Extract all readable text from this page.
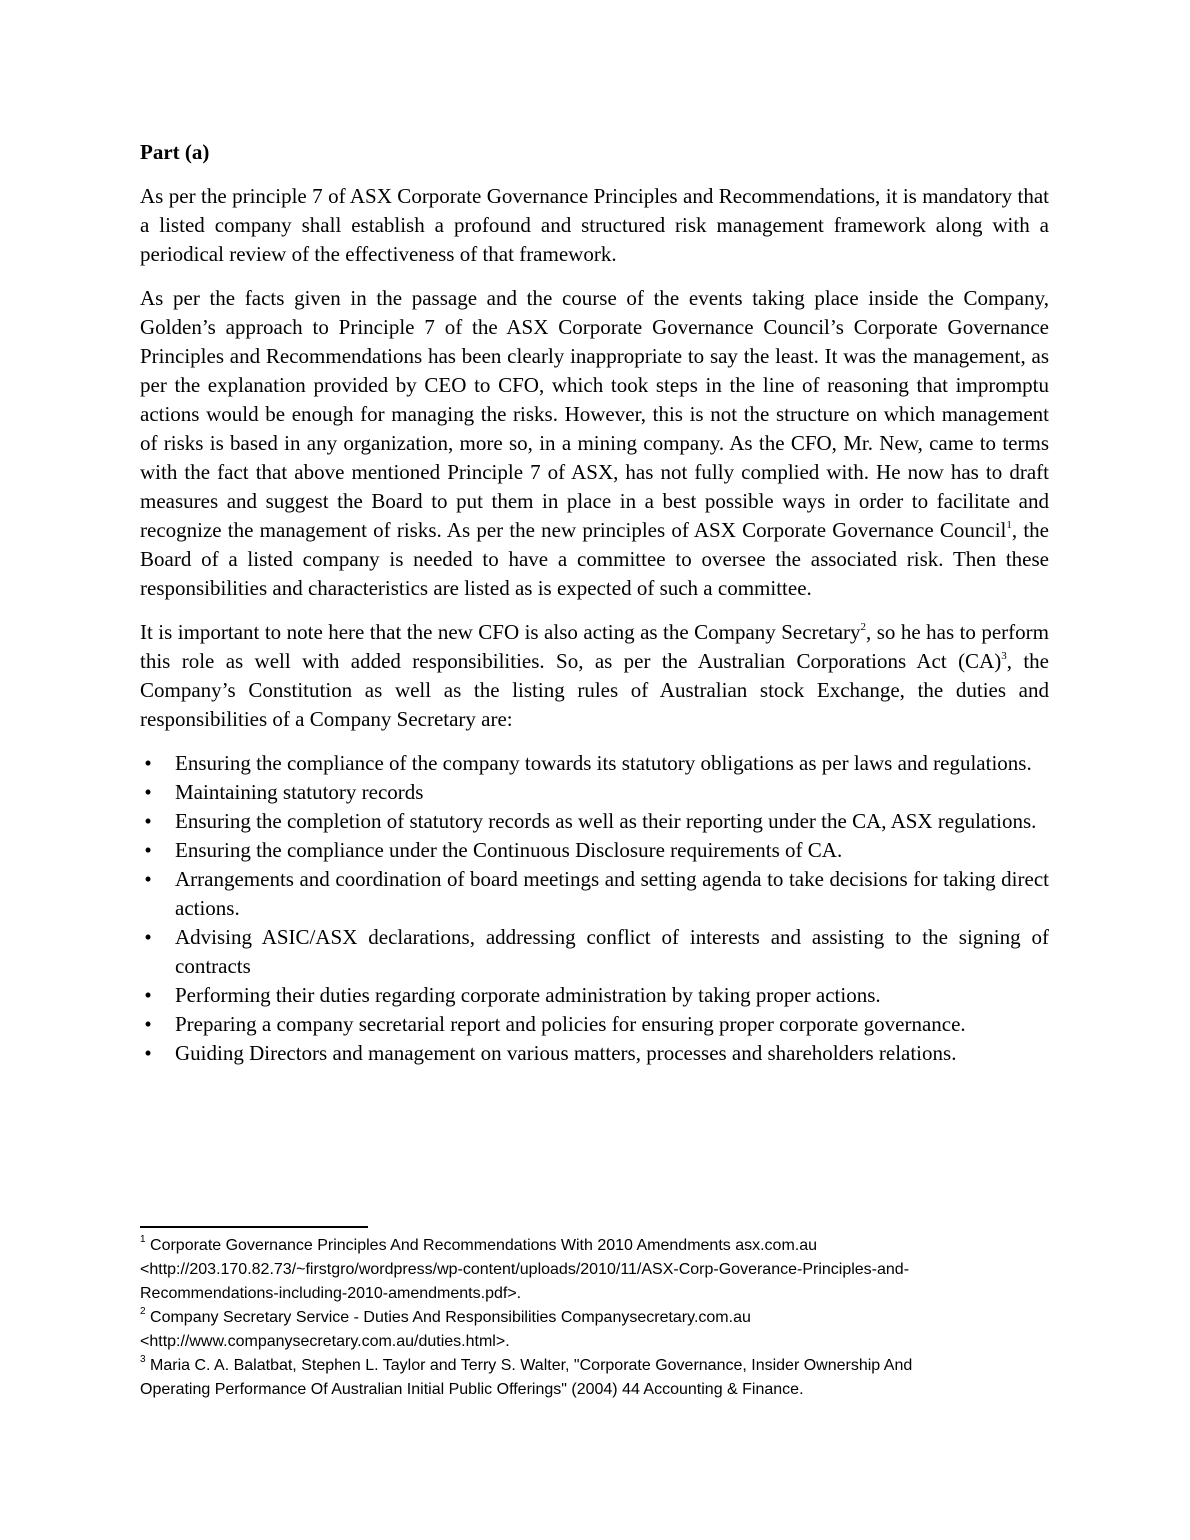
Part (a)

As per the principle 7 of ASX Corporate Governance Principles and Recommendations, it is mandatory that a listed company shall establish a profound and structured risk management framework along with a periodical review of the effectiveness of that framework.

As per the facts given in the passage and the course of the events taking place inside the Company, Golden’s approach to Principle 7 of the ASX Corporate Governance Council’s Corporate Governance Principles and Recommendations has been clearly inappropriate to say the least. It was the management, as per the explanation provided by CEO to CFO, which took steps in the line of reasoning that impromptu actions would be enough for managing the risks. However, this is not the structure on which management of risks is based in any organization, more so, in a mining company. As the CFO, Mr. New, came to terms with the fact that above mentioned Principle 7 of ASX, has not fully complied with. He now has to draft measures and suggest the Board to put them in place in a best possible ways in order to facilitate and recognize the management of risks. As per the new principles of ASX Corporate Governance Council$^1$, the Board of a listed company is needed to have a committee to oversee the associated risk. Then these responsibilities and characteristics are listed as is expected of such a committee.

It is important to note here that the new CFO is also acting as the Company Secretary$^2$, so he has to perform this role as well with added responsibilities. So, as per the Australian Corporations Act (CA)$^3$, the Company’s Constitution as well as the listing rules of Australian stock Exchange, the duties and responsibilities of a Company Secretary are:

• Ensuring the compliance of the company towards its statutory obligations as per laws and regulations.
• Maintaining statutory records
• Ensuring the completion of statutory records as well as their reporting under the CA, ASX regulations.
• Ensuring the compliance under the Continuous Disclosure requirements of CA.
• Arrangements and coordination of board meetings and setting agenda to take decisions for taking direct actions.
• Advising ASIC/ASX declarations, addressing conflict of interests and assisting to the signing of contracts
• Performing their duties regarding corporate administration by taking proper actions.
• Preparing a company secretarial report and policies for ensuring proper corporate governance.
• Guiding Directors and management on various matters, processes and shareholders relations.
$^1$ Corporate Governance Principles And Recommendations With 2010 Amendments asx.com.au
<http://203.170.82.73/~firstgro/wordpress/wp-content/uploads/2010/11/ASX-Corp-Goverance-Principles-and-
Recommendations-including-2010-amendments.pdf>.
$^2$ Company Secretary Service - Duties And Responsibilities Companysecretary.com.au
<http://www.companysecretary.com.au/duties.html>.
$^3$ Maria C. A. Balatbat, Stephen L. Taylor and Terry S. Walter, "Corporate Governance, Insider Ownership And
Operating Performance Of Australian Initial Public Offerings" (2004) 44 Accounting & Finance.
